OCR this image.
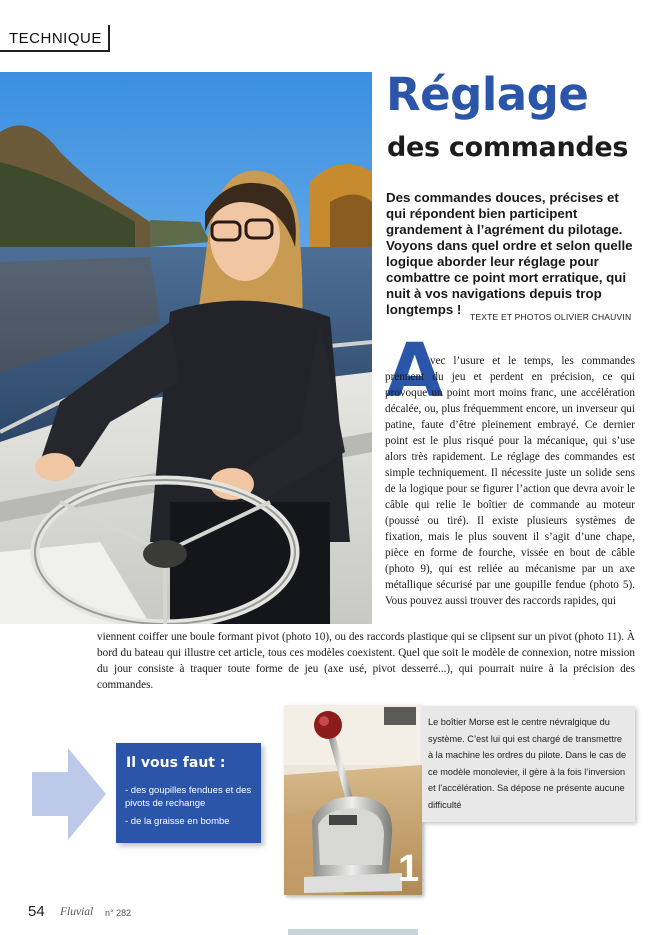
TECHNIQUE
Réglage
des commandes
Des commandes douces, précises et qui répondent bien participent grandement à l’agrément du pilotage. Voyons dans quel ordre et selon quelle logique aborder leur réglage pour combattre ce point mort erratique, qui nuit à vos navigations depuis trop longtemps !	TEXTE ET PHOTOS OLIVIER CHAUVIN
A
vec l’usure et le temps, les commandes prennent du jeu et perdent en précision, ce qui provoque un point mort moins franc, une accélération décalée, ou, plus fréquemment encore, un inverseur qui patine, faute d’être pleinement embrayé. Ce dernier point est le plus risqué pour la mécanique, qui s’use alors très rapidement. Le réglage des commandes est simple techniquement. Il nécessite juste un solide sens de la logique pour se figurer l’action que devra avoir le câble qui relie le boîtier de commande au moteur (poussé ou tiré). Il existe plusieurs systèmes de fixation, mais le plus souvent il s’agit d’une chape, pièce en forme de fourche, vissée en bout de câble (photo 9), qui est reliée au mécanisme par un axe métallique sécurisé par une goupille fendue (photo 5). Vous pouvez aussi trouver des raccords rapides, qui
viennent coiffer une boule formant pivot (photo 10), ou des raccords plastique qui se clipsent sur un pivot (photo 11). À bord du bateau qui illustre cet article, tous ces modèles coexistent. Quel que soit le modèle de connexion, notre mission du jour consiste à traquer toute forme de jeu (axe usé, pivot desserré...), qui pourrait nuire à la précision des commandes.
Il vous faut :
- des goupilles fendues et des pivots de rechange
- de la graisse en bombe
1
Le boîtier Morse est le centre névralgique du système. C’est lui qui est chargé de transmettre à la machine les ordres du pilote. Dans le cas de ce modèle monolevier, il gère à la fois l’inversion et l’accélération. Sa dépose ne présente aucune difficulté
54 Fluvial n° 282
